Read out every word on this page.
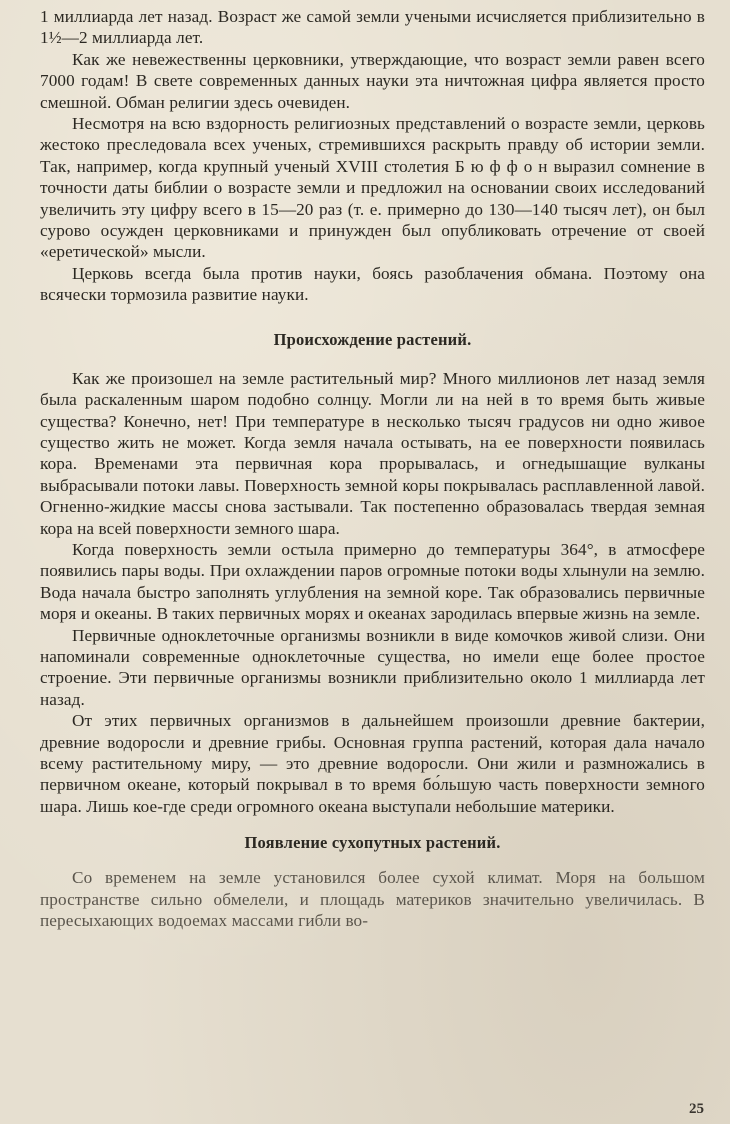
1 миллиарда лет назад. Возраст же самой земли учеными исчисляется приблизительно в 1½—2 миллиарда лет.

Как же невежественны церковники, утверждающие, что возраст земли равен всего 7000 годам! В свете современных данных науки эта ничтожная цифра является просто смешной. Обман религии здесь очевиден.

Несмотря на всю вздорность религиозных представлений о возрасте земли, церковь жестоко преследовала всех ученых, стремившихся раскрыть правду об истории земли. Так, например, когда крупный ученый XVIII столетия Б ю ф ф о н выразил сомнение в точности даты библии о возрасте земли и предложил на основании своих исследований увеличить эту цифру всего в 15—20 раз (т. е. примерно до 130—140 тысяч лет), он был сурово осужден церковниками и принужден был опубликовать отречение от своей «еретической» мысли.

Церковь всегда была против науки, боясь разоблачения обмана. Поэтому она всячески тормозила развитие науки.

Происхождение растений.

Как же произошел на земле растительный мир? Много миллионов лет назад земля была раскаленным шаром подобно солнцу. Могли ли на ней в то время быть живые существа? Конечно, нет! При температуре в несколько тысяч градусов ни одно живое существо жить не может. Когда земля начала остывать, на ее поверхности появилась кора. Временами эта первичная кора прорывалась, и огнедышащие вулканы выбрасывали потоки лавы. Поверхность земной коры покрывалась расплавленной лавой. Огненно-жидкие массы снова застывали. Так постепенно образовалась твердая земная кора на всей поверхности земного шара.

Когда поверхность земли остыла примерно до температуры 364°, в атмосфере появились пары воды. При охлаждении паров огромные потоки воды хлынули на землю. Вода начала быстро заполнять углубления на земной коре. Так образовались первичные моря и океаны. В таких первичных морях и океанах зародилась впервые жизнь на земле.

Первичные одноклеточные организмы возникли в виде комочков живой слизи. Они напоминали современные одноклеточные существа, но имели еще более простое строение. Эти первичные организмы возникли приблизительно около 1 миллиарда лет назад.

От этих первичных организмов в дальнейшем произошли древние бактерии, древние водоросли и древние грибы. Основная группа растений, которая дала начало всему растительному миру, — это древние водоросли. Они жили и размножались в первичном океане, который покрывал в то время бо́льшую часть поверхности земного шара. Лишь кое-где среди огромного океана выступали небольшие материки.

Появление сухопутных растений.

Со временем на земле установился более сухой климат. Моря на большом пространстве сильно обмелели, и площадь материков значительно увеличилась. В пересыхающих водоемах массами гибли во-

25
